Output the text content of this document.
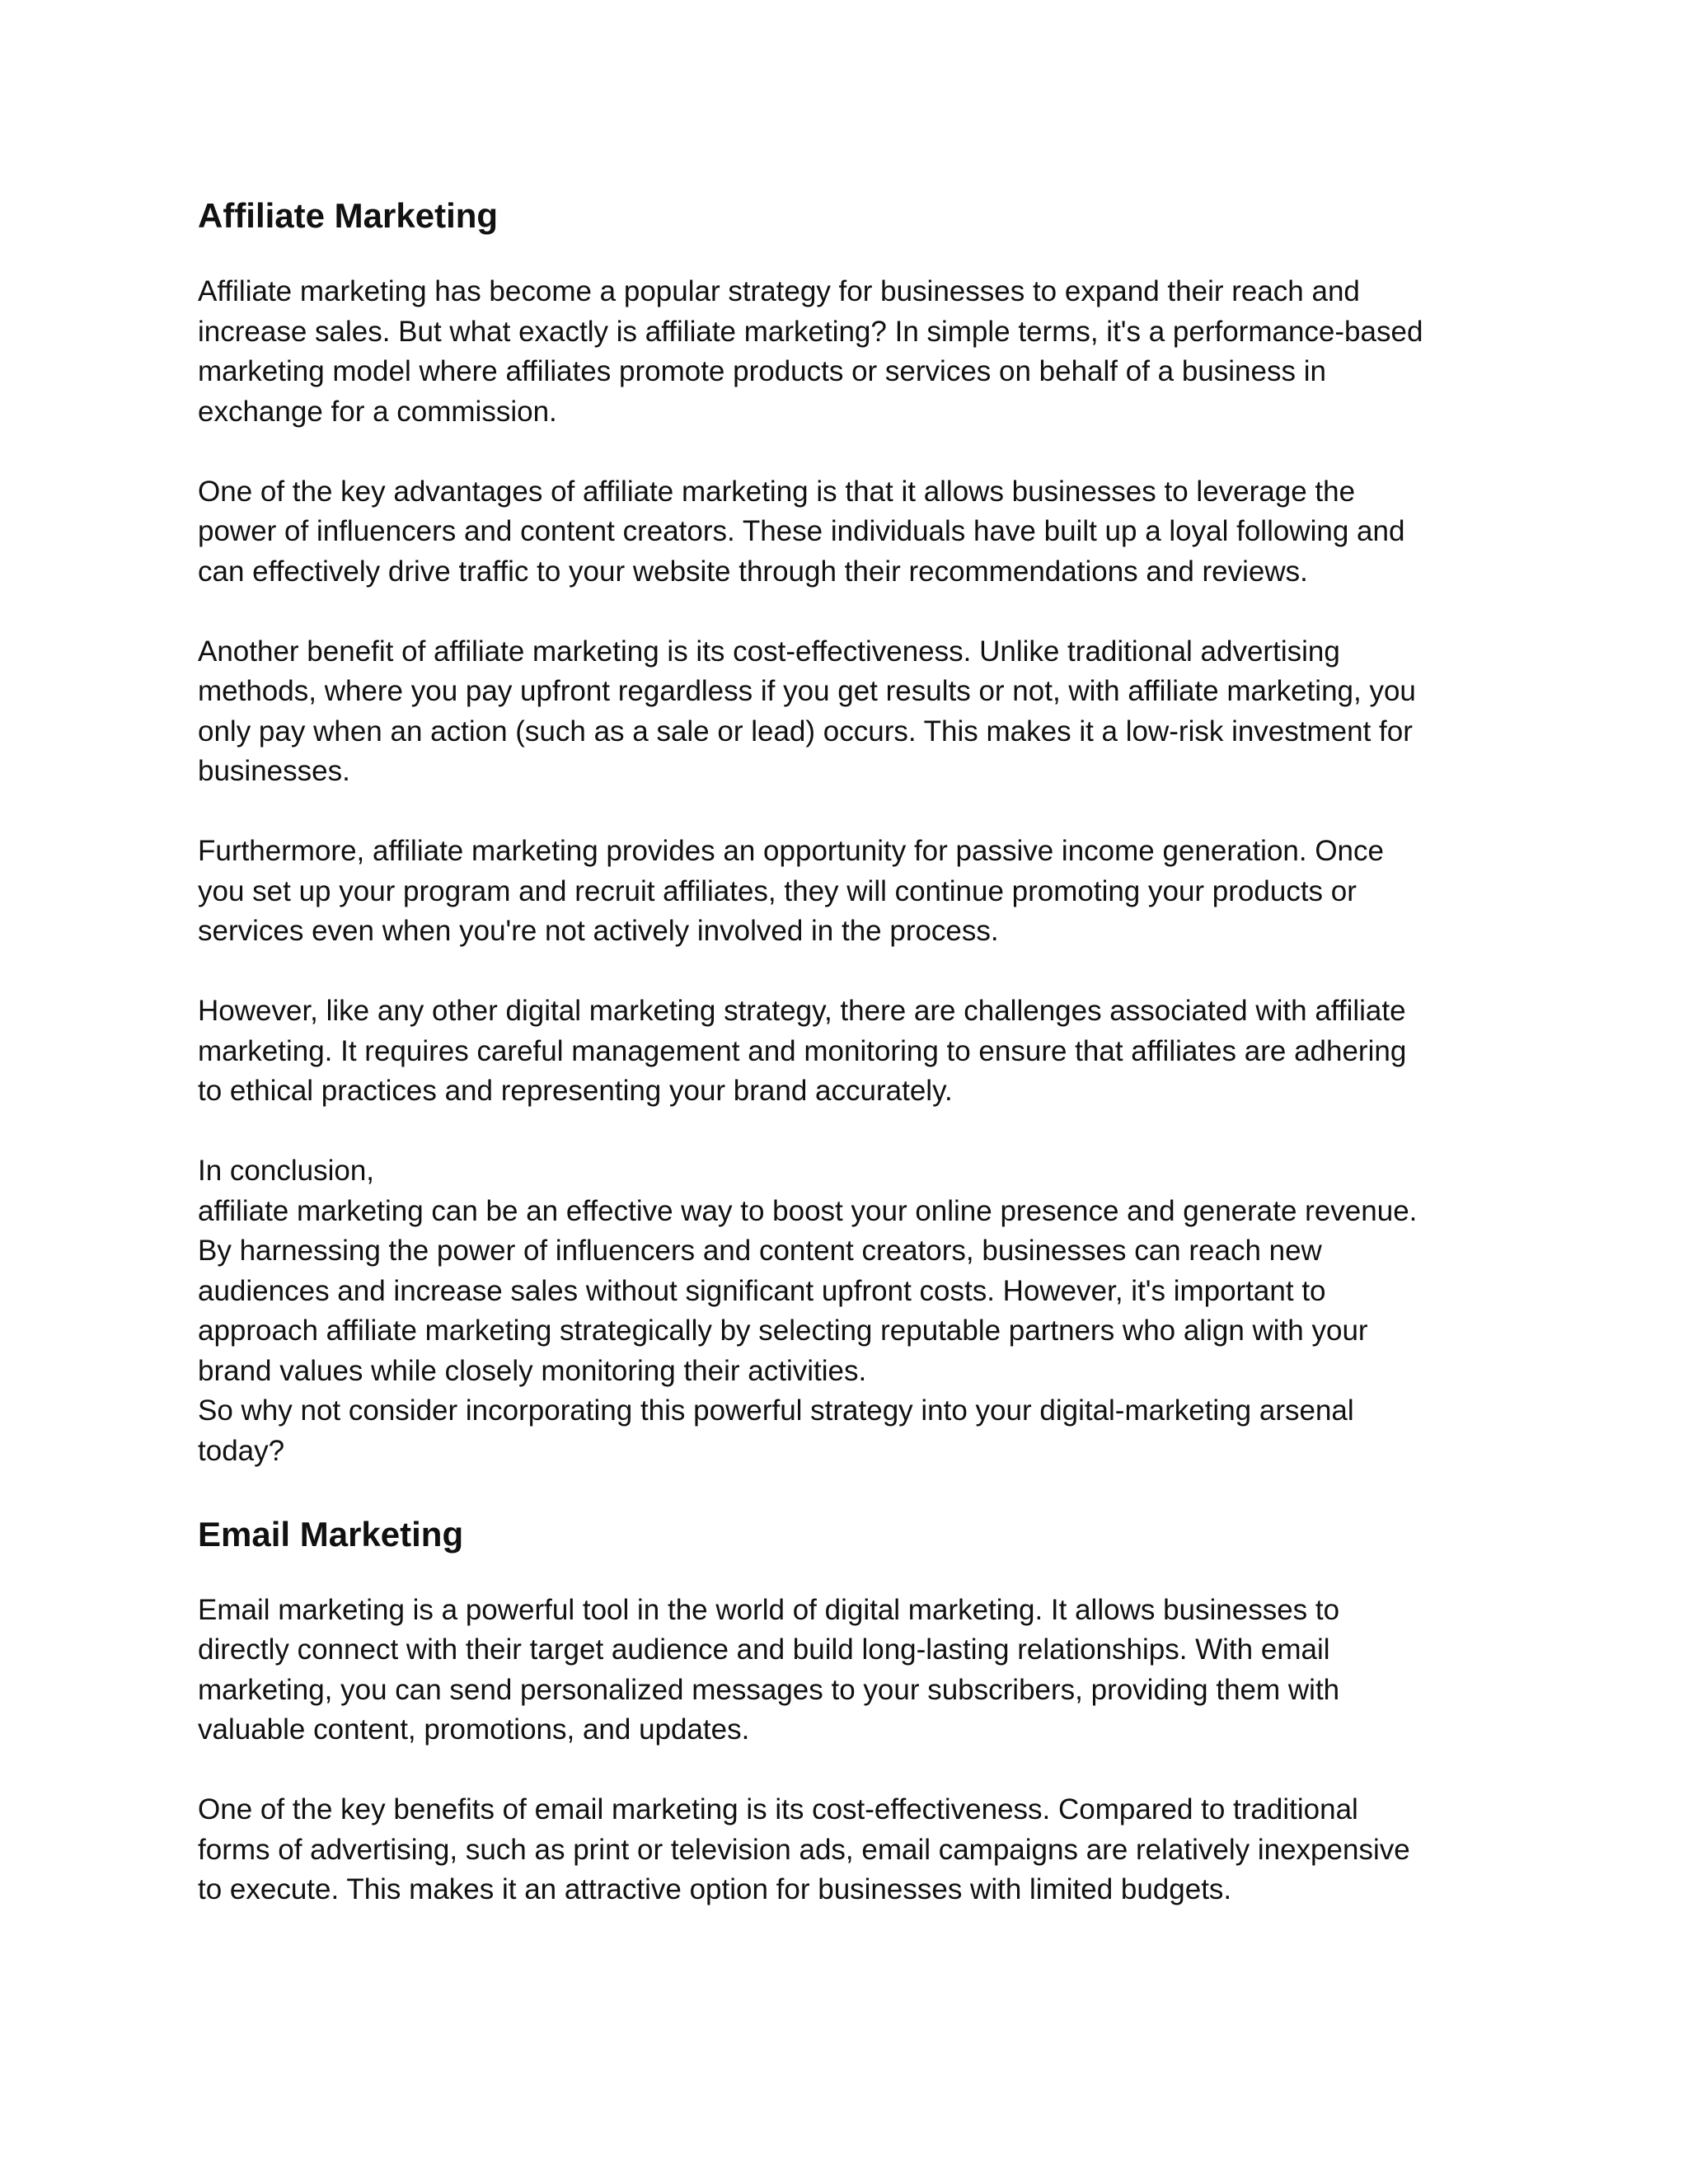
Affiliate Marketing

Affiliate marketing has become a popular strategy for businesses to expand their reach and
increase sales. But what exactly is affiliate marketing? In simple terms, it's a performance-based
marketing model where affiliates promote products or services on behalf of a business in
exchange for a commission.

One of the key advantages of affiliate marketing is that it allows businesses to leverage the
power of influencers and content creators. These individuals have built up a loyal following and
can effectively drive traffic to your website through their recommendations and reviews.

Another benefit of affiliate marketing is its cost-effectiveness. Unlike traditional advertising
methods, where you pay upfront regardless if you get results or not, with affiliate marketing, you
only pay when an action (such as a sale or lead) occurs. This makes it a low-risk investment for
businesses.

Furthermore, affiliate marketing provides an opportunity for passive income generation. Once
you set up your program and recruit affiliates, they will continue promoting your products or
services even when you're not actively involved in the process.

However, like any other digital marketing strategy, there are challenges associated with affiliate
marketing. It requires careful management and monitoring to ensure that affiliates are adhering
to ethical practices and representing your brand accurately.

In conclusion,
affiliate marketing can be an effective way to boost your online presence and generate revenue.
By harnessing the power of influencers and content creators, businesses can reach new
audiences and increase sales without significant upfront costs. However, it's important to
approach affiliate marketing strategically by selecting reputable partners who align with your
brand values while closely monitoring their activities.
So why not consider incorporating this powerful strategy into your digital-marketing arsenal
today?

Email Marketing

Email marketing is a powerful tool in the world of digital marketing. It allows businesses to
directly connect with their target audience and build long-lasting relationships. With email
marketing, you can send personalized messages to your subscribers, providing them with
valuable content, promotions, and updates.

One of the key benefits of email marketing is its cost-effectiveness. Compared to traditional
forms of advertising, such as print or television ads, email campaigns are relatively inexpensive
to execute. This makes it an attractive option for businesses with limited budgets.
